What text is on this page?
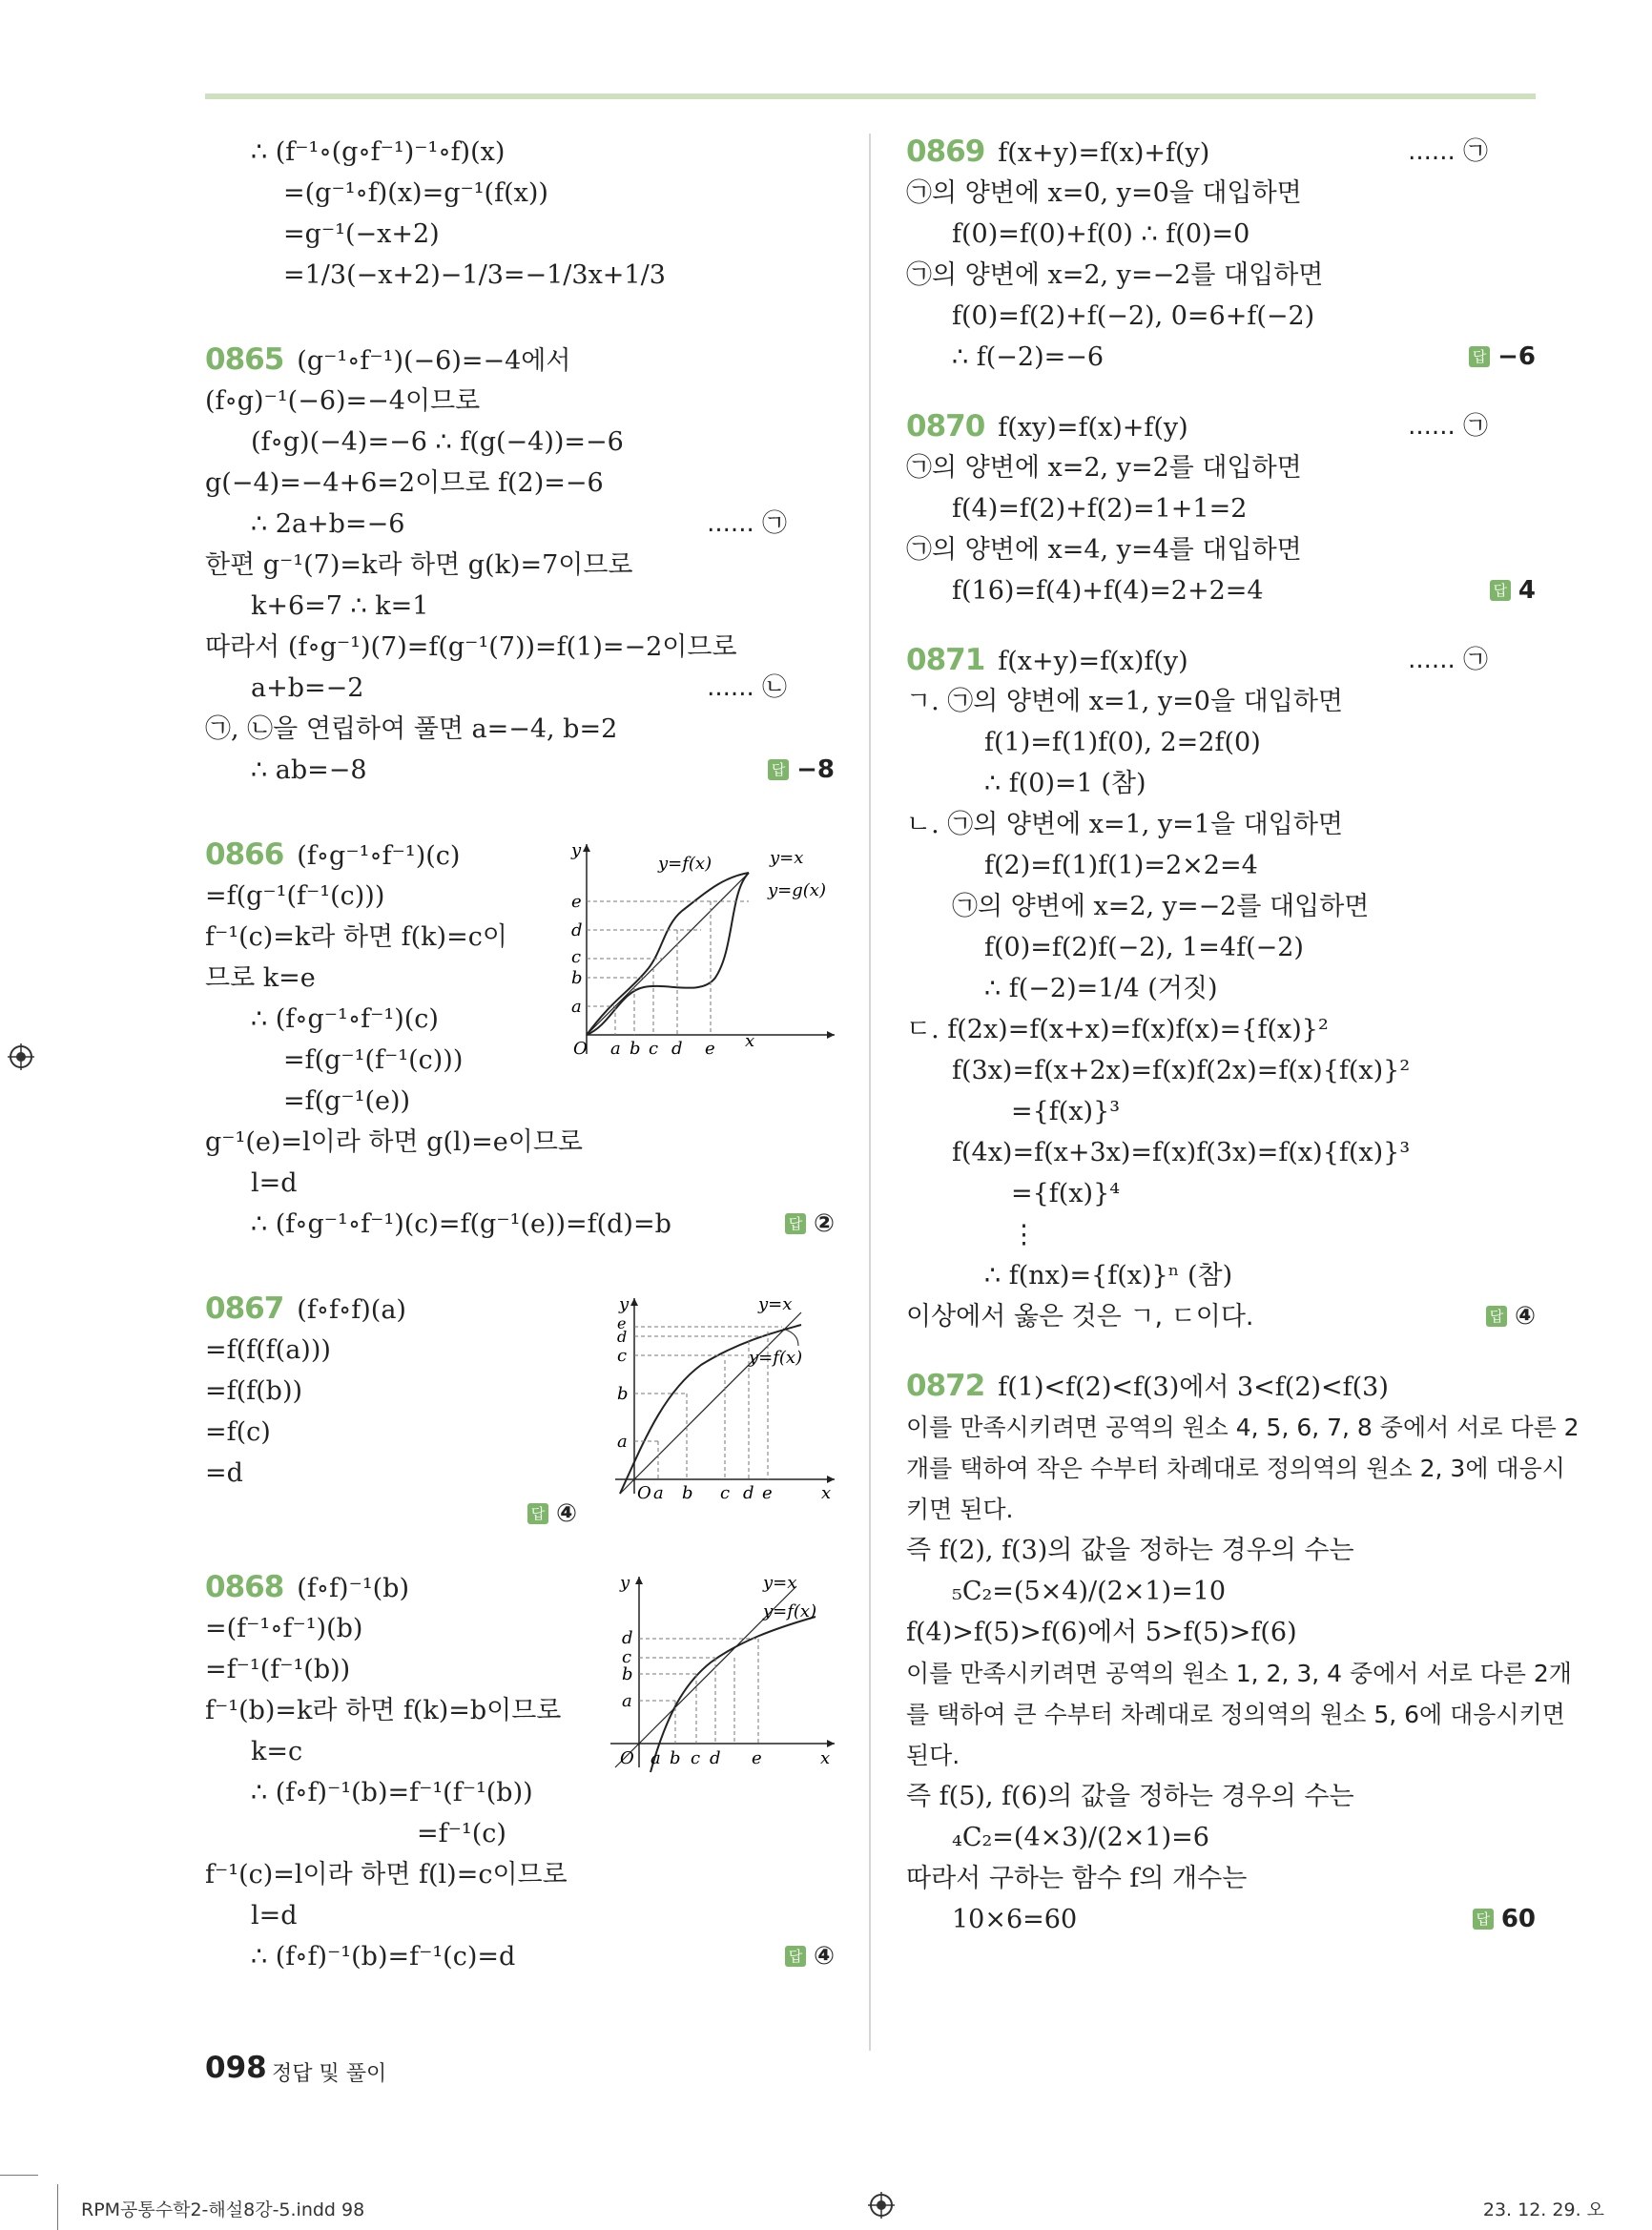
∴ (f⁻¹∘(g∘f⁻¹)⁻¹∘f)(x)
=(g⁻¹∘f)(x)=g⁻¹(f(x))
=g⁻¹(−x+2)
=1/3(−x+2)−1/3=−1/3x+1/3
0865 (g⁻¹∘f⁻¹)(−6)=−4에서
(f∘g)⁻¹(−6)=−4이므로
(f∘g)(−4)=−6 ∴ f(g(−4))=−6
g(−4)=−4+6=2이므로 f(2)=−6
∴ 2a+b=−6	...... ㉠
한편 g⁻¹(7)=k라 하면 g(k)=7이므로
k+6=7 ∴ k=1
따라서 (f∘g⁻¹)(7)=f(g⁻¹(7))=f(1)=−2이므로
a+b=−2	...... ㉡
㉠, ㉡을 연립하여 풀면 a=−4, b=2
∴ ab=−8	답 −8
0866 (f∘g⁻¹∘f⁻¹)(c)
=f(g⁻¹(f⁻¹(c)))
f⁻¹(c)=k라 하면 f(k)=c이
므로 k=e
∴ (f∘g⁻¹∘f⁻¹)(c)
=f(g⁻¹(f⁻¹(c)))
=f(g⁻¹(e))
g⁻¹(e)=l이라 하면 g(l)=e이므로
l=d
∴ (f∘g⁻¹∘f⁻¹)(c)=f(g⁻¹(e))=f(d)=b	답 ②
y
y=f(x)	y=x
y=g(x)
e
d
c
b
a
O a b c d e x
0867 (f∘f∘f)(a)
=f(f(f(a)))
=f(f(b))
=f(c)
=d
답 ④
y	y=x
y=f(x)
e
d
c
b
a
O a b c d e	x
0868 (f∘f)⁻¹(b)
=(f⁻¹∘f⁻¹)(b)
=f⁻¹(f⁻¹(b))
f⁻¹(b)=k라 하면 f(k)=b이므로
k=c
∴ (f∘f)⁻¹(b)=f⁻¹(f⁻¹(b))
=f⁻¹(c)
f⁻¹(c)=l이라 하면 f(l)=c이므로
l=d
∴ (f∘f)⁻¹(b)=f⁻¹(c)=d	답 ④
y	y=x
y=f(x)
d
c
b
a
O a b c d e	x
0869 f(x+y)=f(x)+f(y)	...... ㉠
㉠의 양변에 x=0, y=0을 대입하면
f(0)=f(0)+f(0) ∴ f(0)=0
㉠의 양변에 x=2, y=−2를 대입하면
f(0)=f(2)+f(−2), 0=6+f(−2)
∴ f(−2)=−6	답 −6
0870 f(xy)=f(x)+f(y)	...... ㉠
㉠의 양변에 x=2, y=2를 대입하면
f(4)=f(2)+f(2)=1+1=2
㉠의 양변에 x=4, y=4를 대입하면
f(16)=f(4)+f(4)=2+2=4	답 4
0871 f(x+y)=f(x)f(y)	...... ㉠
ㄱ. ㉠의 양변에 x=1, y=0을 대입하면
f(1)=f(1)f(0), 2=2f(0)
∴ f(0)=1 (참)
ㄴ. ㉠의 양변에 x=1, y=1을 대입하면
f(2)=f(1)f(1)=2×2=4
㉠의 양변에 x=2, y=−2를 대입하면
f(0)=f(2)f(−2), 1=4f(−2)
∴ f(−2)=1/4 (거짓)
ㄷ. f(2x)=f(x+x)=f(x)f(x)={f(x)}²
f(3x)=f(x+2x)=f(x)f(2x)=f(x){f(x)}²
={f(x)}³
f(4x)=f(x+3x)=f(x)f(3x)=f(x){f(x)}³
={f(x)}⁴
⋮
∴ f(nx)={f(x)}ⁿ (참)
이상에서 옳은 것은 ㄱ, ㄷ이다.	답 ④
0872 f(1)<f(2)<f(3)에서 3<f(2)<f(3)
이를 만족시키려면 공역의 원소 4, 5, 6, 7, 8 중에서 서로 다른 2
개를 택하여 작은 수부터 차례대로 정의역의 원소 2, 3에 대응시
키면 된다.
즉 f(2), f(3)의 값을 정하는 경우의 수는
₅C₂=(5×4)/(2×1)=10
f(4)>f(5)>f(6)에서 5>f(5)>f(6)
이를 만족시키려면 공역의 원소 1, 2, 3, 4 중에서 서로 다른 2개
를 택하여 큰 수부터 차례대로 정의역의 원소 5, 6에 대응시키면
된다.
즉 f(5), f(6)의 값을 정하는 경우의 수는
₄C₂=(4×3)/(2×1)=6
따라서 구하는 함수 f의 개수는
10×6=60	답 60
098 정답 및 풀이
RPM공통수학2-해설8강-5.indd 98	23. 12. 29. 오
